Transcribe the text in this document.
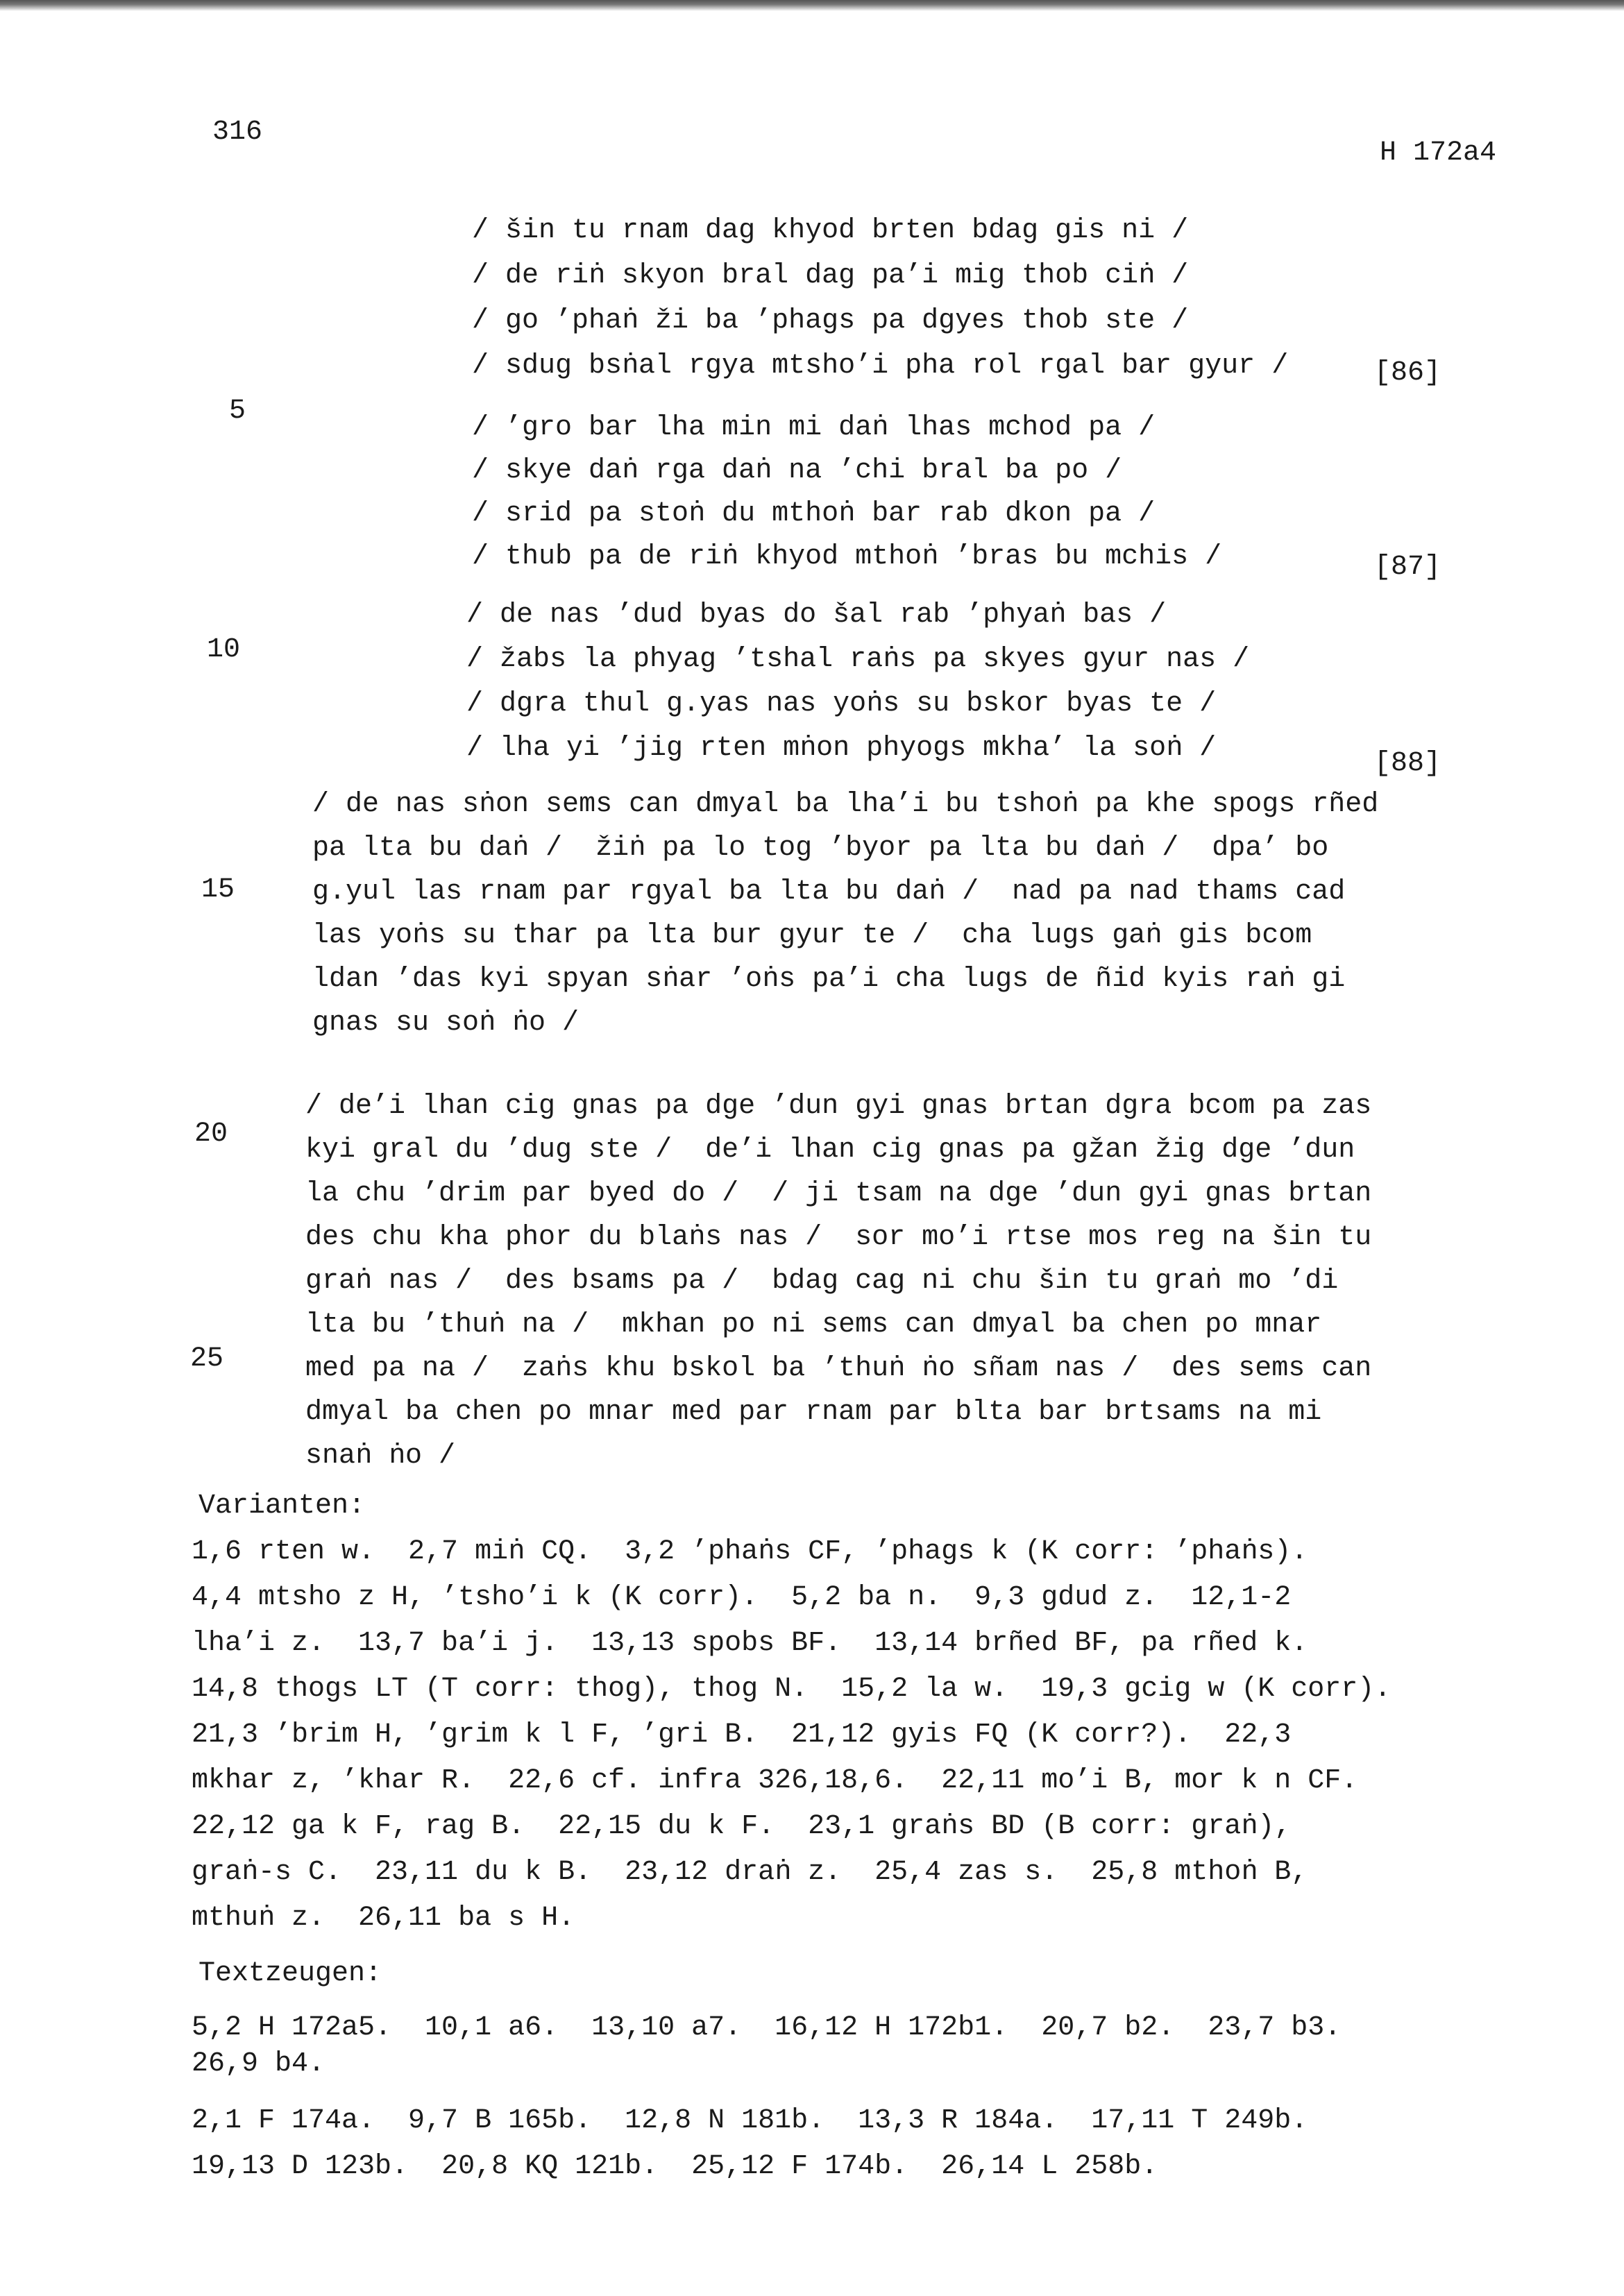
316
H 172a4
/ šin tu rnam dag khyod brten bdag gis ni /
/ de riṅ skyon bral dag pa’i mig thob ciṅ /
/ go ’phaṅ ži ba ’phags pa dgyes thob ste /
/ sdug bsṅal rgya mtsho’i pha rol rgal bar gyur /	[86]
/ ’gro bar lha min mi daṅ lhas mchod pa /
/ skye daṅ rga daṅ na ’chi bral ba po /
/ srid pa stoṅ du mthoṅ bar rab dkon pa /
/ thub pa de riṅ khyod mthoṅ ’bras bu mchis /	[87]
/ de nas ’dud byas do šal rab ’phyaṅ bas /
/ žabs la phyag ’tshal raṅs pa skyes gyur nas /
/ dgra thul g.yas nas yoṅs su bskor byas te /
/ lha yi ’jig rten mṅon phyogs mkha’ la soṅ /	[88]
/ de nas sṅon sems can dmyal ba lha’i bu tshoṅ pa khe spogs rñed
pa lta bu daṅ /  žiṅ pa lo tog ’byor pa lta bu daṅ /  dpa’ bo
g.yul las rnam par rgyal ba lta bu daṅ /  nad pa nad thams cad
las yoṅs su thar pa lta bur gyur te /  cha lugs gaṅ gis bcom
ldan ’das kyi spyan sṅar ’oṅs pa’i cha lugs de ñid kyis raṅ gi
gnas su soṅ ṅo /
/ de’i lhan cig gnas pa dge ’dun gyi gnas brtan dgra bcom pa zas
kyi gral du ’dug ste /  de’i lhan cig gnas pa gžan žig dge ’dun
la chu ’drim par byed do /  / ji tsam na dge ’dun gyi gnas brtan
des chu kha phor du blaṅs nas /  sor mo’i rtse mos reg na šin tu
graṅ nas /  des bsams pa /  bdag cag ni chu šin tu graṅ mo ’di
lta bu ’thuṅ na /  mkhan po ni sems can dmyal ba chen po mnar
med pa na /  zaṅs khu bskol ba ’thuṅ ṅo sñam nas /  des sems can
dmyal ba chen po mnar med par rnam par blta bar brtsams na mi
snaṅ ṅo /
5
10
15
20
25
Varianten:
1,6 rten w.  2,7 miṅ CQ.  3,2 ’phaṅs CF, ’phags k (K corr: ’phaṅs).
4,4 mtsho z H, ’tsho’i k (K corr).  5,2 ba n.  9,3 gdud z.  12,1-2
lha’i z.  13,7 ba’i j.  13,13 spobs BF.  13,14 brñed BF, pa rñed k.
14,8 thogs LT (T corr: thog), thog N.  15,2 la w.  19,3 gcig w (K corr).
21,3 ’brim H, ’grim k l F, ’gri B.  21,12 gyis FQ (K corr?).  22,3
mkhar z, ’khar R.  22,6 cf. infra 326,18,6.  22,11 mo’i B, mor k n CF.
22,12 ga k F, rag B.  22,15 du k F.  23,1 graṅs BD (B corr: graṅ),
graṅ-s C.  23,11 du k B.  23,12 draṅ z.  25,4 zas s.  25,8 mthoṅ B,
mthuṅ z.  26,11 ba s H.
Textzeugen:
5,2 H 172a5.  10,1 a6.  13,10 a7.  16,12 H 172b1.  20,7 b2.  23,7 b3.
26,9 b4.
2,1 F 174a.  9,7 B 165b.  12,8 N 181b.  13,3 R 184a.  17,11 T 249b.
19,13 D 123b.  20,8 KQ 121b.  25,12 F 174b.  26,14 L 258b.
